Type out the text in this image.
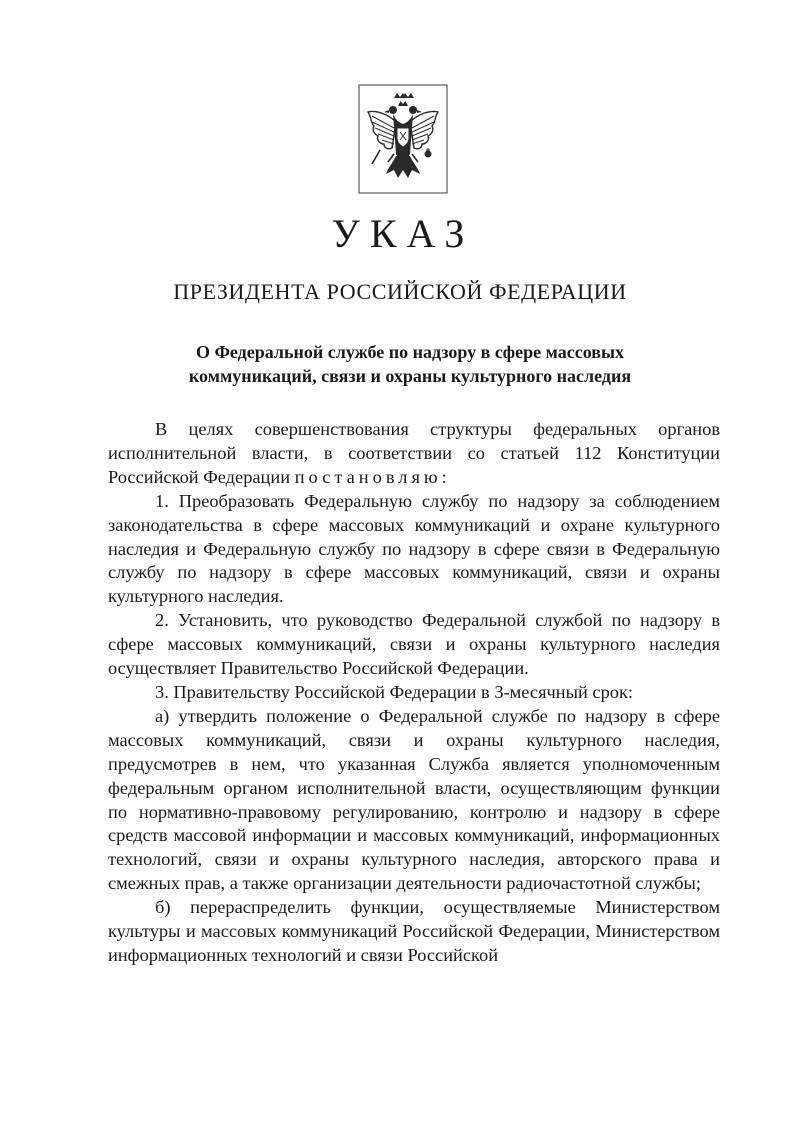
УКАЗ
ПРЕЗИДЕНТА РОССИЙСКОЙ ФЕДЕРАЦИИ
О Федеральной службе по надзору в сфере массовых
коммуникаций, связи и охраны культурного наследия

В целях совершенствования структуры федеральных органов исполнительной власти, в соответствии со статьей 112 Конституции Российской Федерации постановляю:

1. Преобразовать Федеральную службу по надзору за соблюдением законодательства в сфере массовых коммуникаций и охране культурного наследия и Федеральную службу по надзору в сфере связи в Федеральную службу по надзору в сфере массовых коммуникаций, связи и охраны культурного наследия.

2. Установить, что руководство Федеральной службой по надзору в сфере массовых коммуникаций, связи и охраны культурного наследия осуществляет Правительство Российской Федерации.

3. Правительству Российской Федерации в 3-месячный срок:

а) утвердить положение о Федеральной службе по надзору в сфере массовых коммуникаций, связи и охраны культурного наследия, предусмотрев в нем, что указанная Служба является уполномоченным федеральным органом исполнительной власти, осуществляющим функции по нормативно-правовому регулированию, контролю и надзору в сфере средств массовой информации и массовых коммуникаций, информационных технологий, связи и охраны культурного наследия, авторского права и смежных прав, а также организации деятельности радиочастотной службы;

б) перераспределить функции, осуществляемые Министерством культуры и массовых коммуникаций Российской Федерации, Министерством информационных технологий и связи Российской
